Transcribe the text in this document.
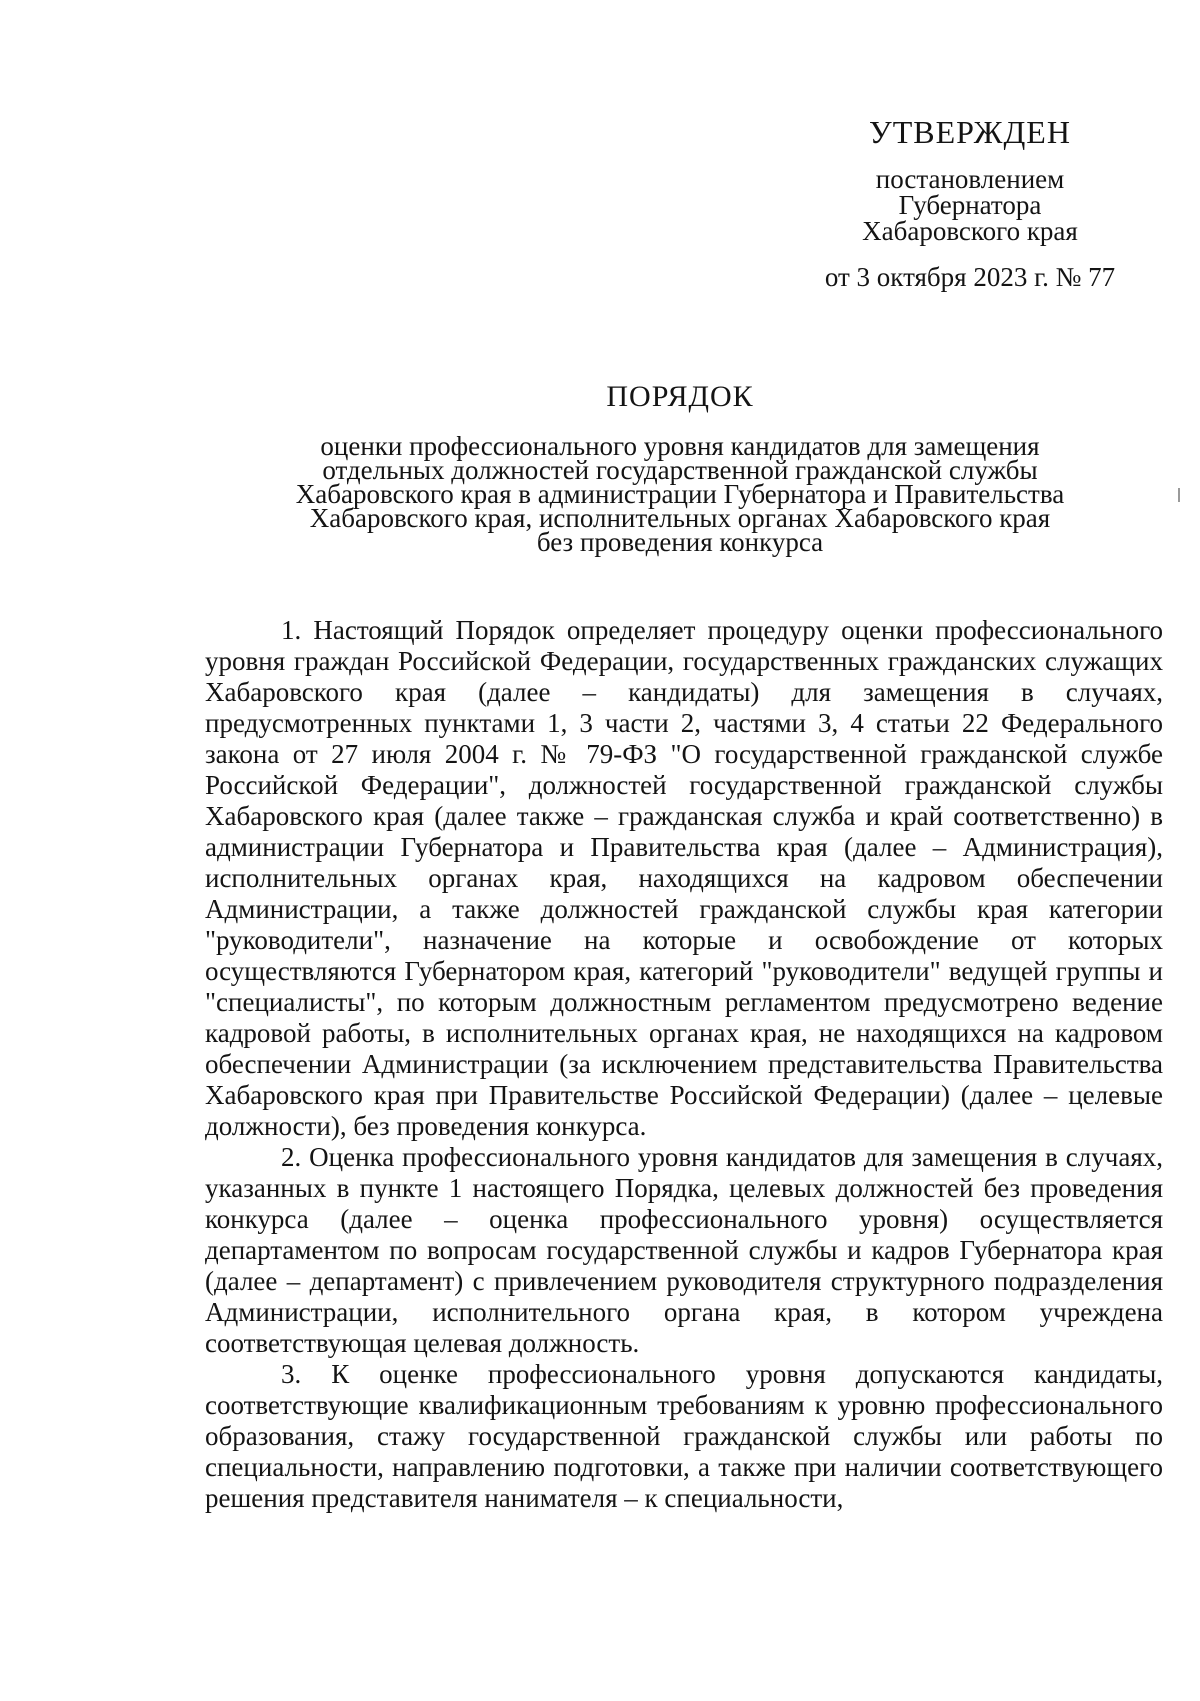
УТВЕРЖДЕН
постановлением
Губернатора
Хабаровского края
от 3 октября 2023 г. № 77
ПОРЯДОК
оценки профессионального уровня кандидатов для замещения
отдельных должностей государственной гражданской службы
Хабаровского края в администрации Губернатора и Правительства
Хабаровского края, исполнительных органах Хабаровского края
без проведения конкурса

1. Настоящий Порядок определяет процедуру оценки профессионального уровня граждан Российской Федерации, государственных гражданских служащих Хабаровского края (далее – кандидаты) для замещения в случаях, предусмотренных пунктами 1, 3 части 2, частями 3, 4 статьи 22 Федерального закона от 27 июля 2004 г. № 79-ФЗ "О государственной гражданской службе Российской Федерации", должностей государственной гражданской службы Хабаровского края (далее также – гражданская служба и край соответственно) в администрации Губернатора и Правительства края (далее – Администрация), исполнительных органах края, находящихся на кадровом обеспечении Администрации, а также должностей гражданской службы края категории "руководители", назначение на которые и освобождение от которых осуществляются Губернатором края, категорий "руководители" ведущей группы и "специалисты", по которым должностным регламентом предусмотрено ведение кадровой работы, в исполнительных органах края, не находящихся на кадровом обеспечении Администрации (за исключением представительства Правительства Хабаровского края при Правительстве Российской Федерации) (далее – целевые должности), без проведения конкурса.

2. Оценка профессионального уровня кандидатов для замещения в случаях, указанных в пункте 1 настоящего Порядка, целевых должностей без проведения конкурса (далее – оценка профессионального уровня) осуществляется департаментом по вопросам государственной службы и кадров Губернатора края (далее – департамент) с привлечением руководителя структурного подразделения Администрации, исполнительного органа края, в котором учреждена соответствующая целевая должность.

3. К оценке профессионального уровня допускаются кандидаты, соответствующие квалификационным требованиям к уровню профессионального образования, стажу государственной гражданской службы или работы по специальности, направлению подготовки, а также при наличии соответствующего решения представителя нанимателя – к специальности,
